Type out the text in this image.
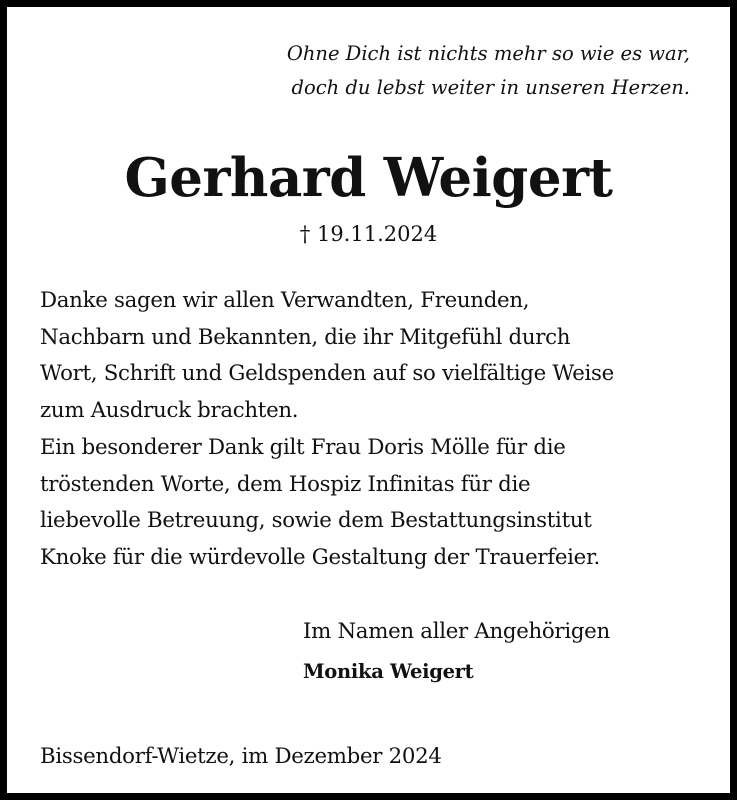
Ohne Dich ist nichts mehr so wie es war,
doch du lebst weiter in unseren Herzen.

Gerhard Weigert

† 19.11.2024

Danke sagen wir allen Verwandten, Freunden,
Nachbarn und Bekannten, die ihr Mitgefühl durch
Wort, Schrift und Geldspenden auf so vielfältige Weise
zum Ausdruck brachten.
Ein besonderer Dank gilt Frau Doris Mölle für die
tröstenden Worte, dem Hospiz Infinitas für die
liebevolle Betreuung, sowie dem Bestattungsinstitut
Knoke für die würdevolle Gestaltung der Trauerfeier.

Im Namen aller Angehörigen
Monika Weigert

Bissendorf-Wietze, im Dezember 2024
